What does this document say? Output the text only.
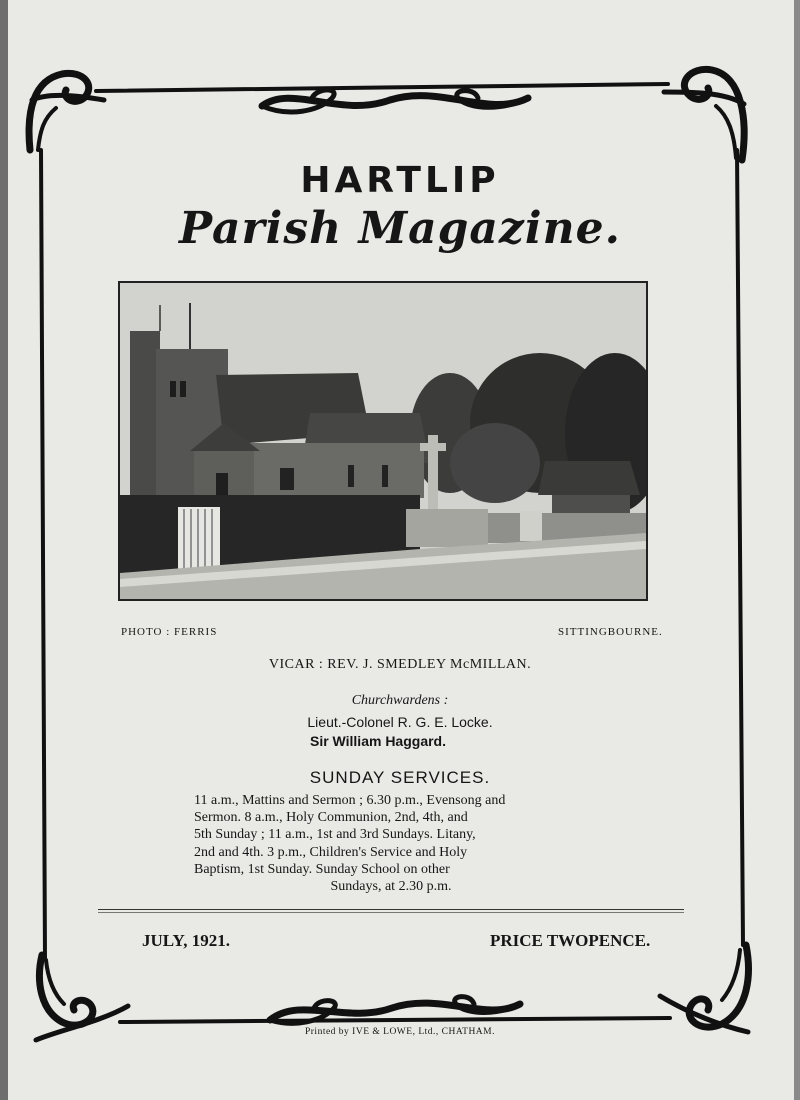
HARTLIP
Parish Magazine.
PHOTO : FERRIS	SITTINGBOURNE.
VICAR : REV. J. SMEDLEY McMILLAN.
Churchwardens :
Lieut.-Colonel R. G. E. Locke.
Sir William Haggard.
SUNDAY SERVICES.
11 a.m., Mattins and Sermon ; 6.30 p.m., Evensong and
Sermon. 8 a.m., Holy Communion, 2nd, 4th, and
5th Sunday ; 11 a.m., 1st and 3rd Sundays. Litany,
2nd and 4th. 3 p.m., Children's Service and Holy
Baptism, 1st Sunday. Sunday School on other
Sundays, at 2.30 p.m.
JULY, 1921.	PRICE TWOPENCE.
Printed by IVE & LOWE, Ltd., CHATHAM.
